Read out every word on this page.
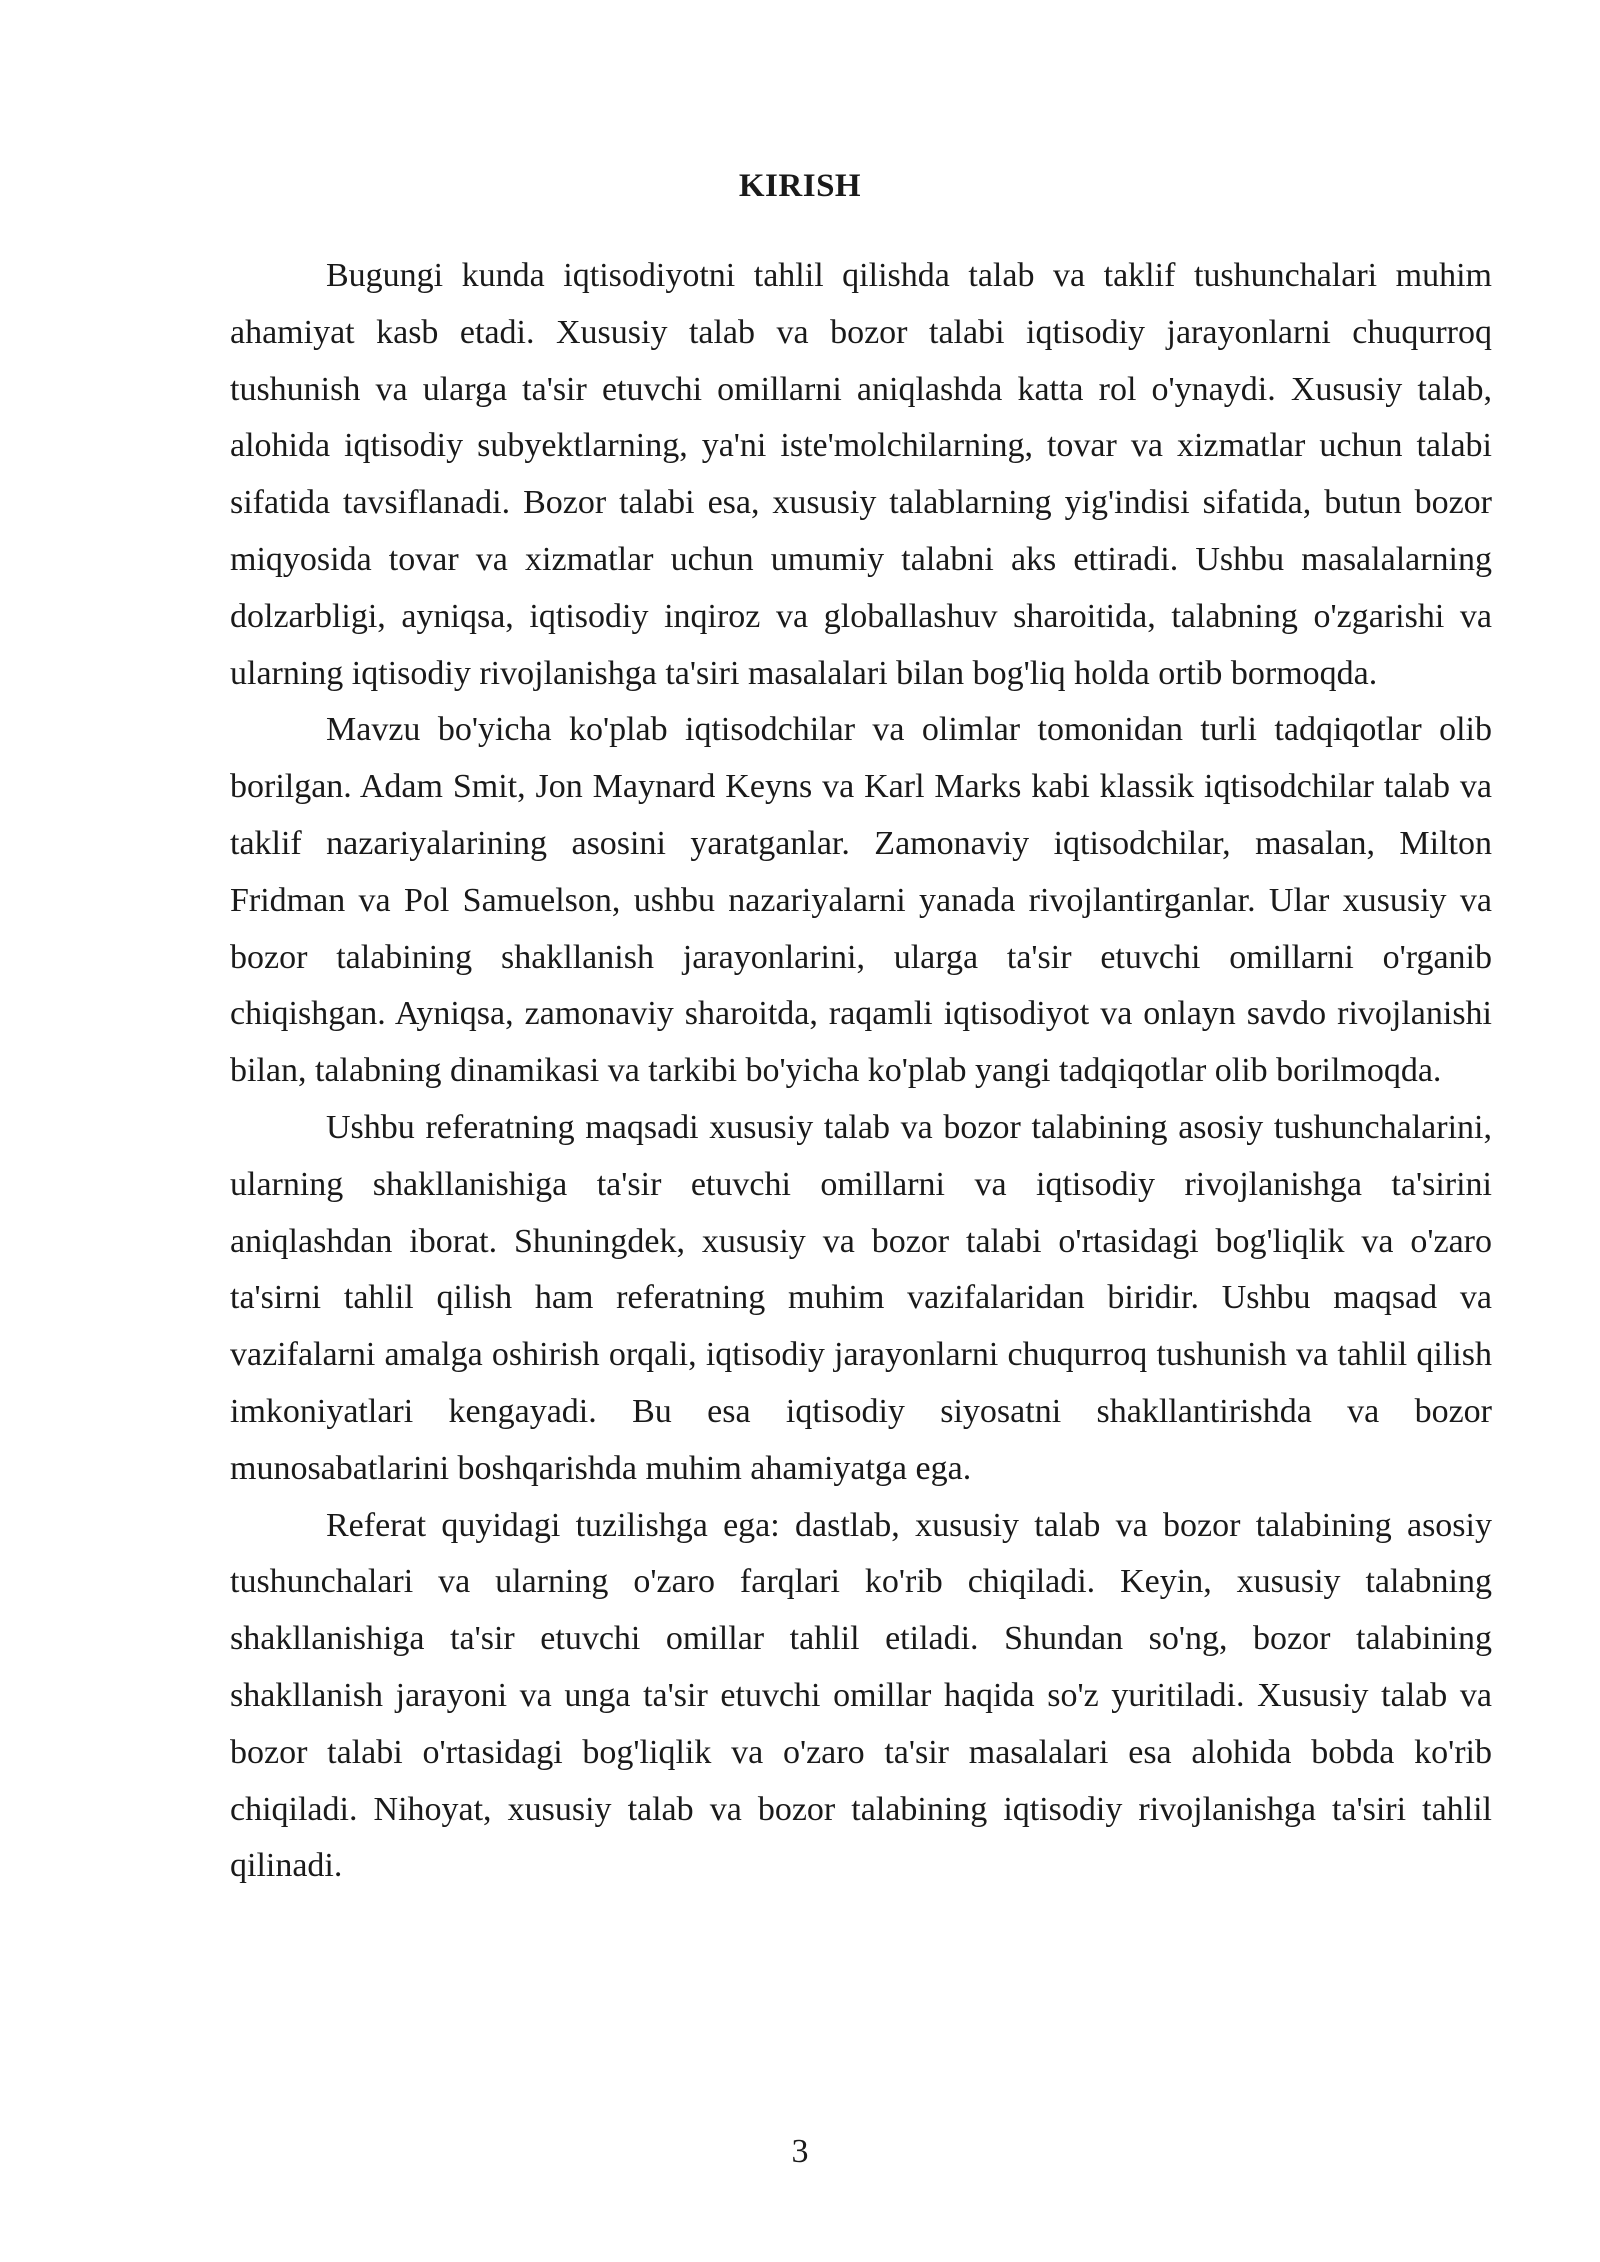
KIRISH

Bugungi kunda iqtisodiyotni tahlil qilishda talab va taklif tushunchalari muhim ahamiyat kasb etadi. Xususiy talab va bozor talabi iqtisodiy jarayonlarni chuqurroq tushunish va ularga ta'sir etuvchi omillarni aniqlashda katta rol o'ynaydi. Xususiy talab, alohida iqtisodiy subyektlarning, ya'ni iste'molchilarning, tovar va xizmatlar uchun talabi sifatida tavsiflanadi. Bozor talabi esa, xususiy talablarning yig'indisi sifatida, butun bozor miqyosida tovar va xizmatlar uchun umumiy talabni aks ettiradi. Ushbu masalalarning dolzarbligi, ayniqsa, iqtisodiy inqiroz va globallashuv sharoitida, talabning o'zgarishi va ularning iqtisodiy rivojlanishga ta'siri masalalari bilan bog'liq holda ortib bormoqda.

Mavzu bo'yicha ko'plab iqtisodchilar va olimlar tomonidan turli tadqiqotlar olib borilgan. Adam Smit, Jon Maynard Keyns va Karl Marks kabi klassik iqtisodchilar talab va taklif nazariyalarining asosini yaratganlar. Zamonaviy iqtisodchilar, masalan, Milton Fridman va Pol Samuelson, ushbu nazariyalarni yanada rivojlantirganlar. Ular xususiy va bozor talabining shakllanish jarayonlarini, ularga ta'sir etuvchi omillarni o'rganib chiqishgan. Ayniqsa, zamonaviy sharoitda, raqamli iqtisodiyot va onlayn savdo rivojlanishi bilan, talabning dinamikasi va tarkibi bo'yicha ko'plab yangi tadqiqotlar olib borilmoqda.

Ushbu referatning maqsadi xususiy talab va bozor talabining asosiy tushunchalarini, ularning shakllanishiga ta'sir etuvchi omillarni va iqtisodiy rivojlanishga ta'sirini aniqlashdan iborat. Shuningdek, xususiy va bozor talabi o'rtasidagi bog'liqlik va o'zaro ta'sirni tahlil qilish ham referatning muhim vazifalaridan biridir. Ushbu maqsad va vazifalarni amalga oshirish orqali, iqtisodiy jarayonlarni chuqurroq tushunish va tahlil qilish imkoniyatlari kengayadi. Bu esa iqtisodiy siyosatni shakllantirishda va bozor munosabatlarini boshqarishda muhim ahamiyatga ega.

Referat quyidagi tuzilishga ega: dastlab, xususiy talab va bozor talabining asosiy tushunchalari va ularning o'zaro farqlari ko'rib chiqiladi. Keyin, xususiy talabning shakllanishiga ta'sir etuvchi omillar tahlil etiladi. Shundan so'ng, bozor talabining shakllanish jarayoni va unga ta'sir etuvchi omillar haqida so'z yuritiladi. Xususiy talab va bozor talabi o'rtasidagi bog'liqlik va o'zaro ta'sir masalalari esa alohida bobda ko'rib chiqiladi. Nihoyat, xususiy talab va bozor talabining iqtisodiy rivojlanishga ta'siri tahlil qilinadi.

3
